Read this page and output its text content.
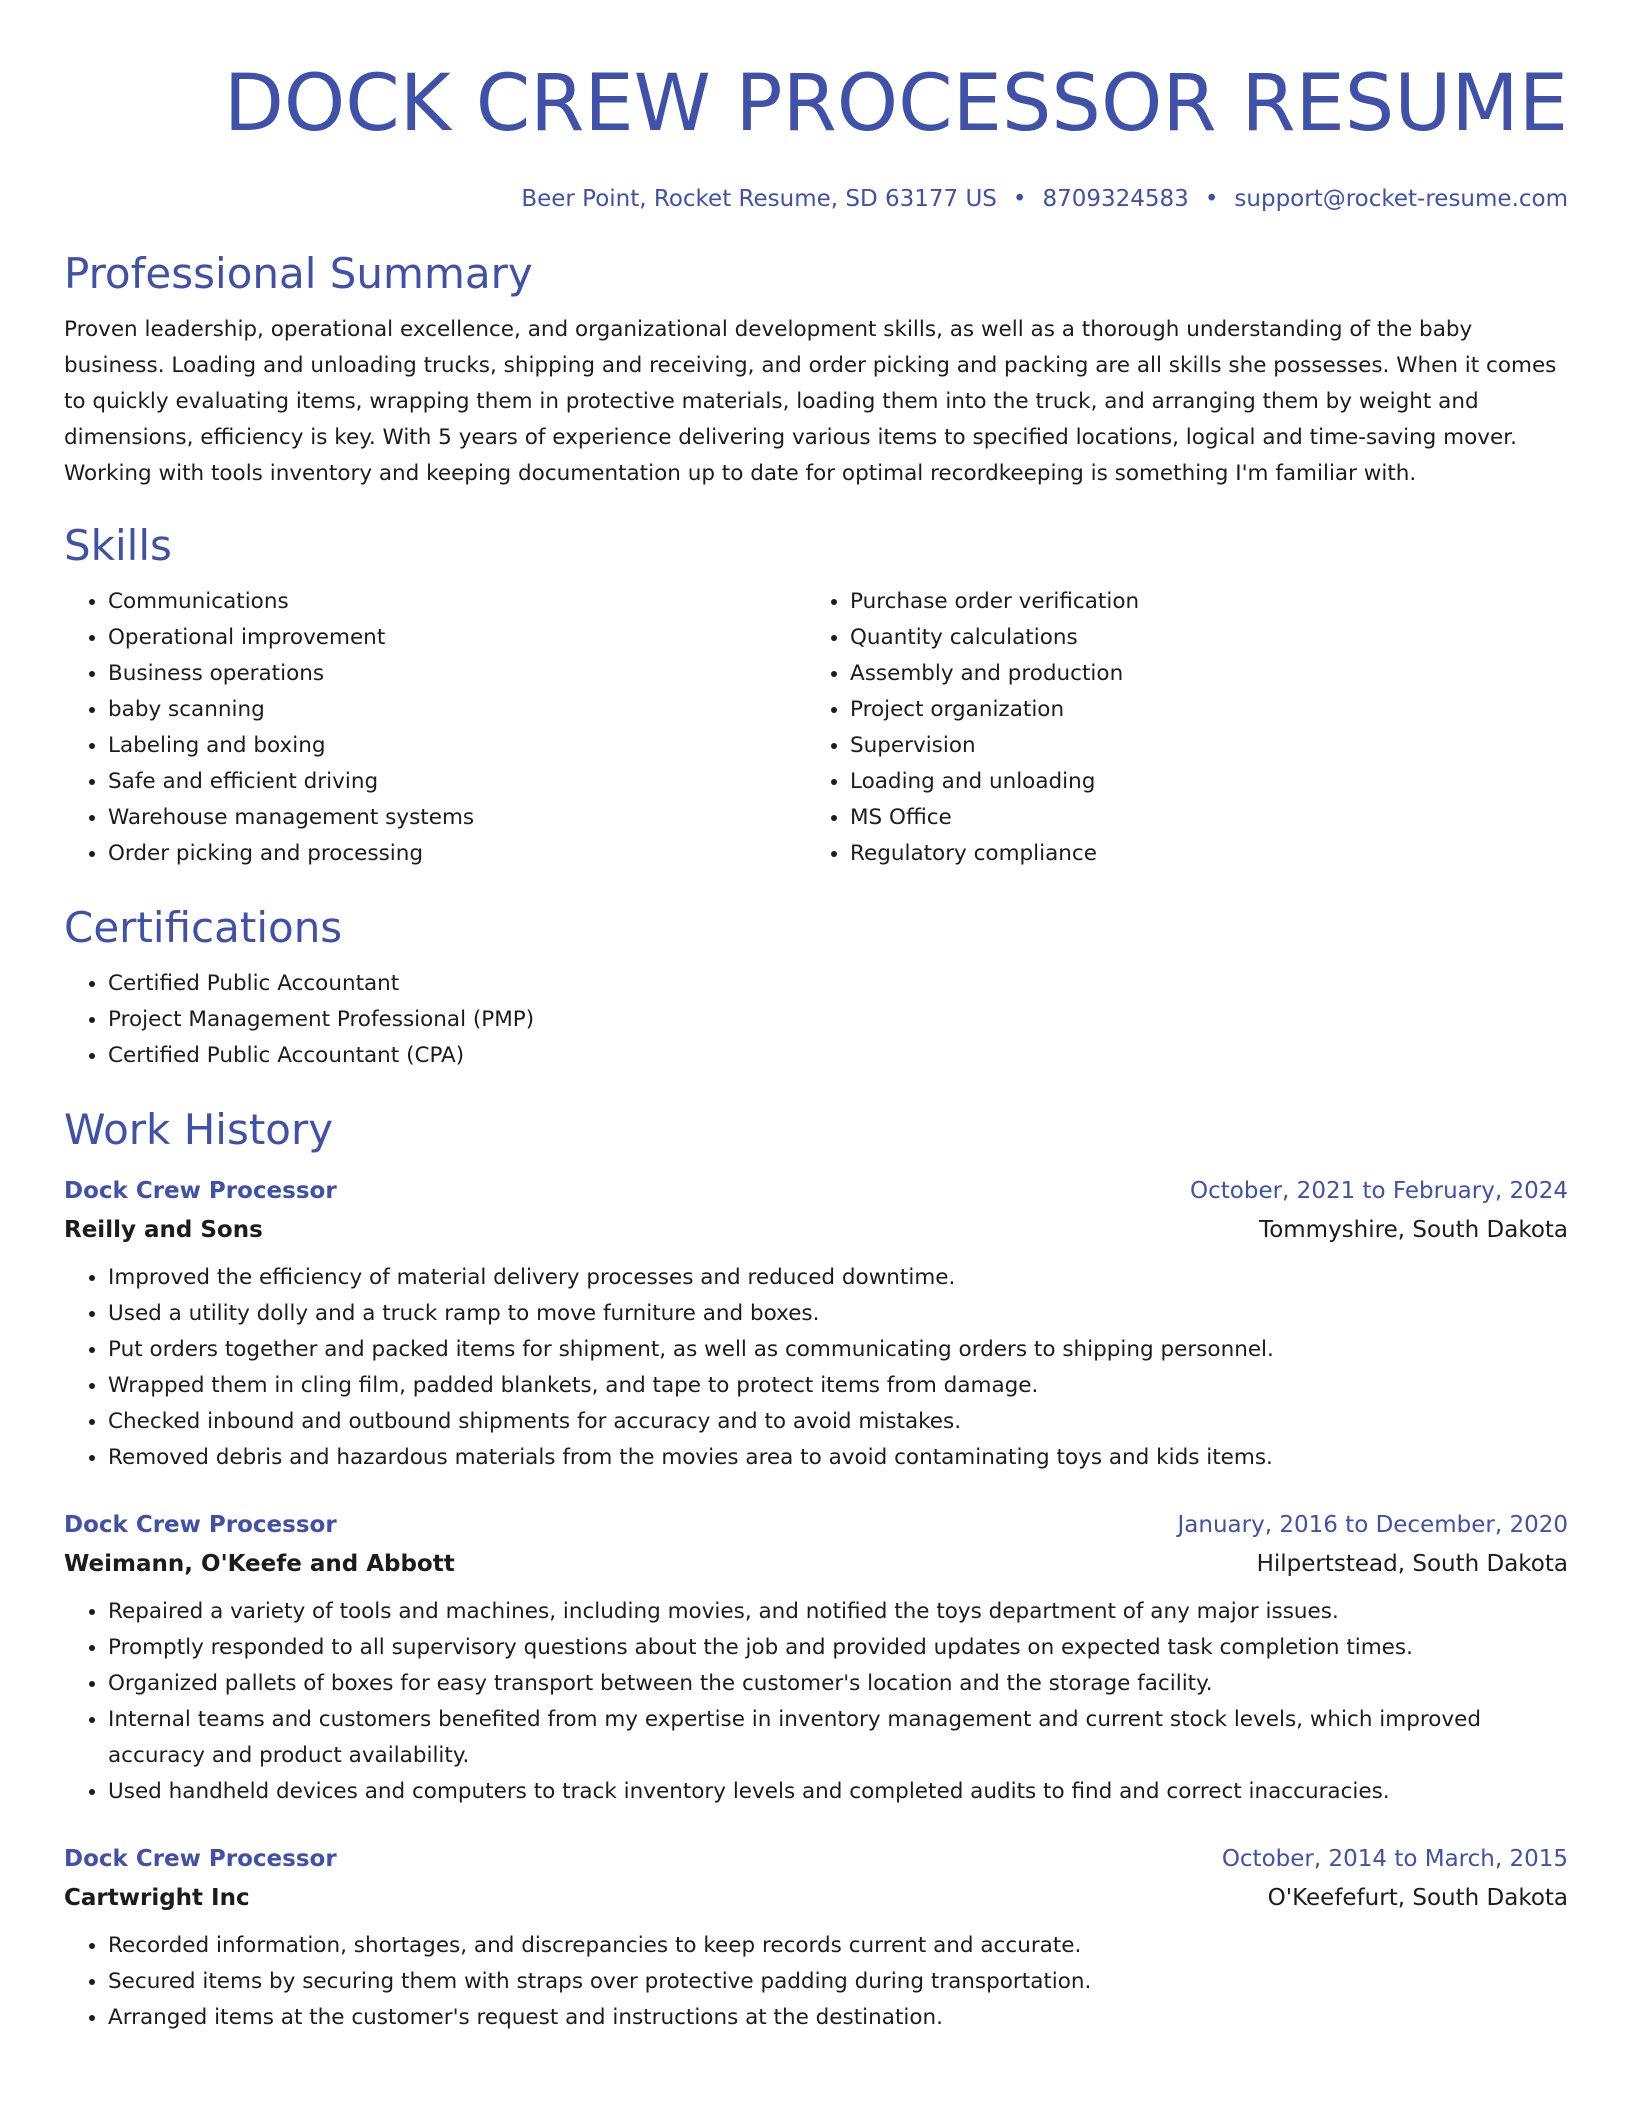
DOCK CREW PROCESSOR RESUME
Beer Point, Rocket Resume, SD 63177 US • 8709324583 • support@rocket-resume.com
Professional Summary

Proven leadership, operational excellence, and organizational development skills, as well as a thorough understanding of the baby business. Loading and unloading trucks, shipping and receiving, and order picking and packing are all skills she possesses. When it comes to quickly evaluating items, wrapping them in protective materials, loading them into the truck, and arranging them by weight and dimensions, efficiency is key. With 5 years of experience delivering various items to specified locations, logical and time-saving mover. Working with tools inventory and keeping documentation up to date for optimal recordkeeping is something I'm familiar with.

Skills
• Communications
• Operational improvement
• Business operations
• baby scanning
• Labeling and boxing
• Safe and efficient driving
• Warehouse management systems
• Order picking and processing
• Purchase order verification
• Quantity calculations
• Assembly and production
• Project organization
• Supervision
• Loading and unloading
• MS Office
• Regulatory compliance
Certifications
• Certified Public Accountant
• Project Management Professional (PMP)
• Certified Public Accountant (CPA)
Work History
Dock Crew Processor	October, 2021 to February, 2024
Reilly and Sons	Tommyshire, South Dakota
• Improved the efficiency of material delivery processes and reduced downtime.
• Used a utility dolly and a truck ramp to move furniture and boxes.
• Put orders together and packed items for shipment, as well as communicating orders to shipping personnel.
• Wrapped them in cling film, padded blankets, and tape to protect items from damage.
• Checked inbound and outbound shipments for accuracy and to avoid mistakes.
• Removed debris and hazardous materials from the movies area to avoid contaminating toys and kids items.
Dock Crew Processor	January, 2016 to December, 2020
Weimann, O'Keefe and Abbott	Hilpertstead, South Dakota
• Repaired a variety of tools and machines, including movies, and notified the toys department of any major issues.
• Promptly responded to all supervisory questions about the job and provided updates on expected task completion times.
• Organized pallets of boxes for easy transport between the customer's location and the storage facility.
• Internal teams and customers benefited from my expertise in inventory management and current stock levels, which improved accuracy and product availability.
• Used handheld devices and computers to track inventory levels and completed audits to find and correct inaccuracies.
Dock Crew Processor	October, 2014 to March, 2015
Cartwright Inc	O'Keefefurt, South Dakota
• Recorded information, shortages, and discrepancies to keep records current and accurate.
• Secured items by securing them with straps over protective padding during transportation.
• Arranged items at the customer's request and instructions at the destination.
